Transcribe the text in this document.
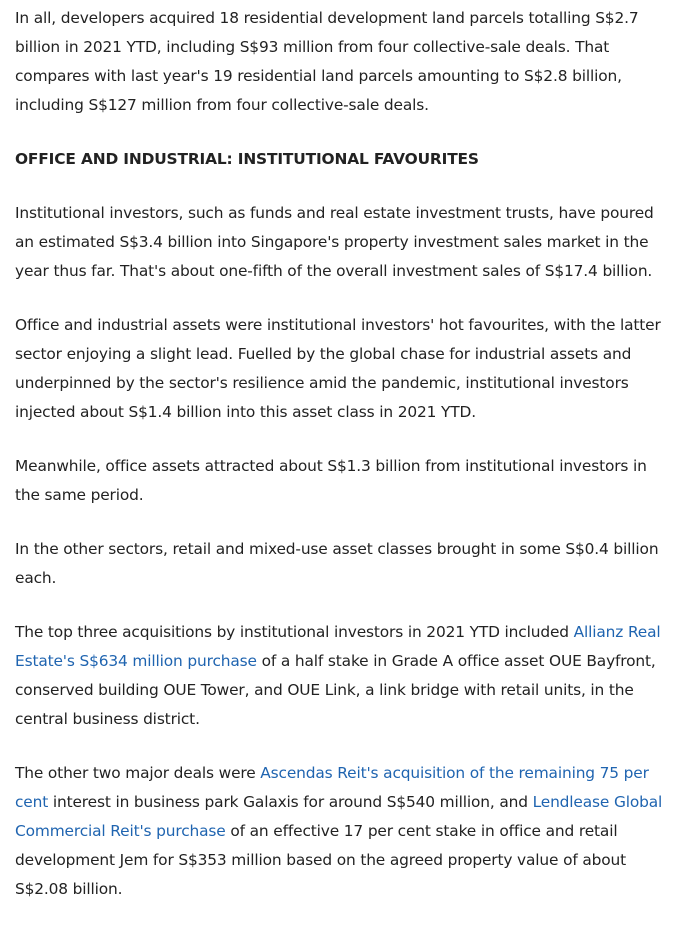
In all, developers acquired 18 residential development land parcels totalling S$2.7 billion in 2021 YTD, including S$93 million from four collective-sale deals. That compares with last year's 19 residential land parcels amounting to S$2.8 billion, including S$127 million from four collective-sale deals.

OFFICE AND INDUSTRIAL: INSTITUTIONAL FAVOURITES

Institutional investors, such as funds and real estate investment trusts, have poured an estimated S$3.4 billion into Singapore's property investment sales market in the year thus far. That's about one-fifth of the overall investment sales of S$17.4 billion.

Office and industrial assets were institutional investors' hot favourites, with the latter sector enjoying a slight lead. Fuelled by the global chase for industrial assets and underpinned by the sector's resilience amid the pandemic, institutional investors injected about S$1.4 billion into this asset class in 2021 YTD.

Meanwhile, office assets attracted about S$1.3 billion from institutional investors in the same period.

In the other sectors, retail and mixed-use asset classes brought in some S$0.4 billion each.

The top three acquisitions by institutional investors in 2021 YTD included Allianz Real Estate's S$634 million purchase of a half stake in Grade A office asset OUE Bayfront, conserved building OUE Tower, and OUE Link, a link bridge with retail units, in the central business district.

The other two major deals were Ascendas Reit's acquisition of the remaining 75 per cent interest in business park Galaxis for around S$540 million, and Lendlease Global Commercial Reit's purchase of an effective 17 per cent stake in office and retail development Jem for S$353 million based on the agreed property value of about S$2.08 billion.
